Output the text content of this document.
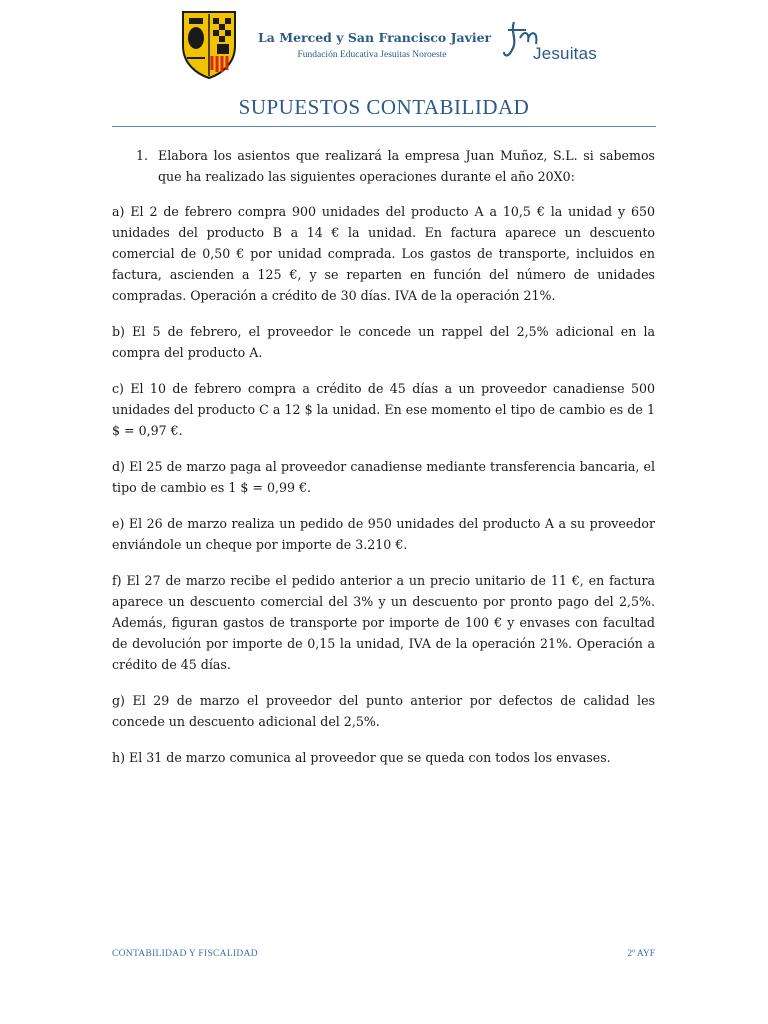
La Merced y San Francisco Javier
Fundación Educativa Jesuitas Noroeste	Jesuitas
SUPUESTOS CONTABILIDAD
1. Elabora los asientos que realizará la empresa Juan Muñoz, S.L. si sabemos que ha realizado las siguientes operaciones durante el año 20X0:

a) El 2 de febrero compra 900 unidades del producto A a 10,5 € la unidad y 650 unidades del producto B a 14 € la unidad. En factura aparece un descuento comercial de 0,50 € por unidad comprada. Los gastos de transporte, incluidos en factura, ascienden a 125 €, y se reparten en función del número de unidades compradas. Operación a crédito de 30 días. IVA de la operación 21%.

b) El 5 de febrero, el proveedor le concede un rappel del 2,5% adicional en la compra del producto A.

c) El 10 de febrero compra a crédito de 45 días a un proveedor canadiense 500 unidades del producto C a 12 $ la unidad. En ese momento el tipo de cambio es de 1 $ = 0,97 €.

d) El 25 de marzo paga al proveedor canadiense mediante transferencia bancaria, el tipo de cambio es 1 $ = 0,99 €.

e) El 26 de marzo realiza un pedido de 950 unidades del producto A a su proveedor enviándole un cheque por importe de 3.210 €.

f) El 27 de marzo recibe el pedido anterior a un precio unitario de 11 €, en factura aparece un descuento comercial del 3% y un descuento por pronto pago del 2,5%. Además, figuran gastos de transporte por importe de 100 € y envases con facultad de devolución por importe de 0,15 la unidad, IVA de la operación 21%. Operación a crédito de 45 días.

g) El 29 de marzo el proveedor del punto anterior por defectos de calidad les concede un descuento adicional del 2,5%.

h) El 31 de marzo comunica al proveedor que se queda con todos los envases.

CONTABILIDAD Y FISCALIDAD	2º AYF
